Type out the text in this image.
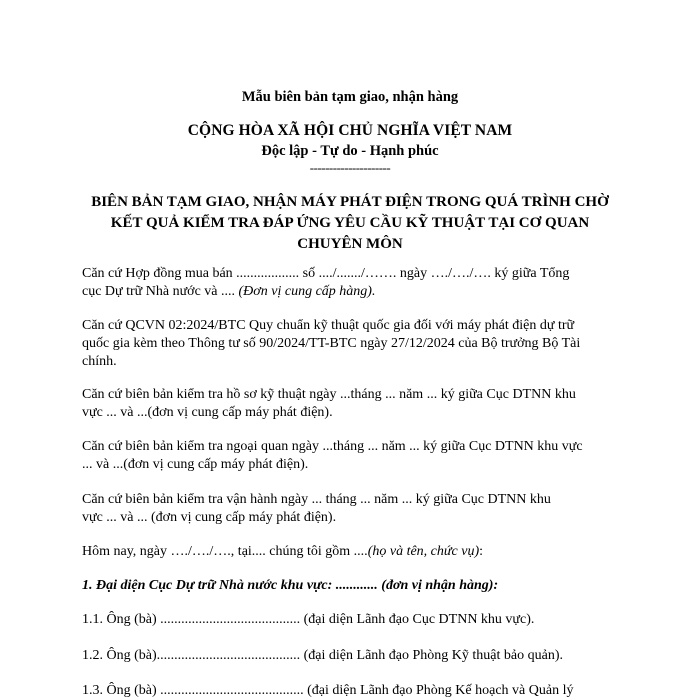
Mẫu biên bản tạm giao, nhận hàng
CỘNG HÒA XÃ HỘI CHỦ NGHĨA VIỆT NAM
Độc lập - Tự do - Hạnh phúc
---------------------
BIÊN BẢN TẠM GIAO, NHẬN MÁY PHÁT ĐIỆN TRONG QUÁ TRÌNH CHỜ
KẾT QUẢ KIỂM TRA ĐÁP ỨNG YÊU CẦU KỸ THUẬT TẠI CƠ QUAN
CHUYÊN MÔN
Căn cứ Hợp đồng mua bán .................. số ..../......./……. ngày …./…./…. ký giữa Tổng
cục Dự trữ Nhà nước và .... (Đơn vị cung cấp hàng).
Căn cứ QCVN 02:2024/BTC Quy chuẩn kỹ thuật quốc gia đối với máy phát điện dự trữ
quốc gia kèm theo Thông tư số 90/2024/TT-BTC ngày 27/12/2024 của Bộ trưởng Bộ Tài
chính.
Căn cứ biên bản kiểm tra hồ sơ kỹ thuật ngày ...tháng ... năm ... ký giữa Cục DTNN khu
vực ... và ...(đơn vị cung cấp máy phát điện).
Căn cứ biên bản kiểm tra ngoại quan ngày ...tháng ... năm ... ký giữa Cục DTNN khu vực
... và ...(đơn vị cung cấp máy phát điện).
Căn cứ biên bản kiểm tra vận hành ngày ... tháng ... năm ... ký giữa Cục DTNN khu
vực ... và ... (đơn vị cung cấp máy phát điện).
Hôm nay, ngày …./…./…., tại.... chúng tôi gồm ....(họ và tên, chức vụ):
1. Đại diện Cục Dự trữ Nhà nước khu vực: ............ (đơn vị nhận hàng):
1.1. Ông (bà) ........................................ (đại diện Lãnh đạo Cục DTNN khu vực).
1.2. Ông (bà)......................................... (đại diện Lãnh đạo Phòng Kỹ thuật bảo quản).
1.3. Ông (bà) ......................................... (đại diện Lãnh đạo Phòng Kế hoạch và Quản lý
